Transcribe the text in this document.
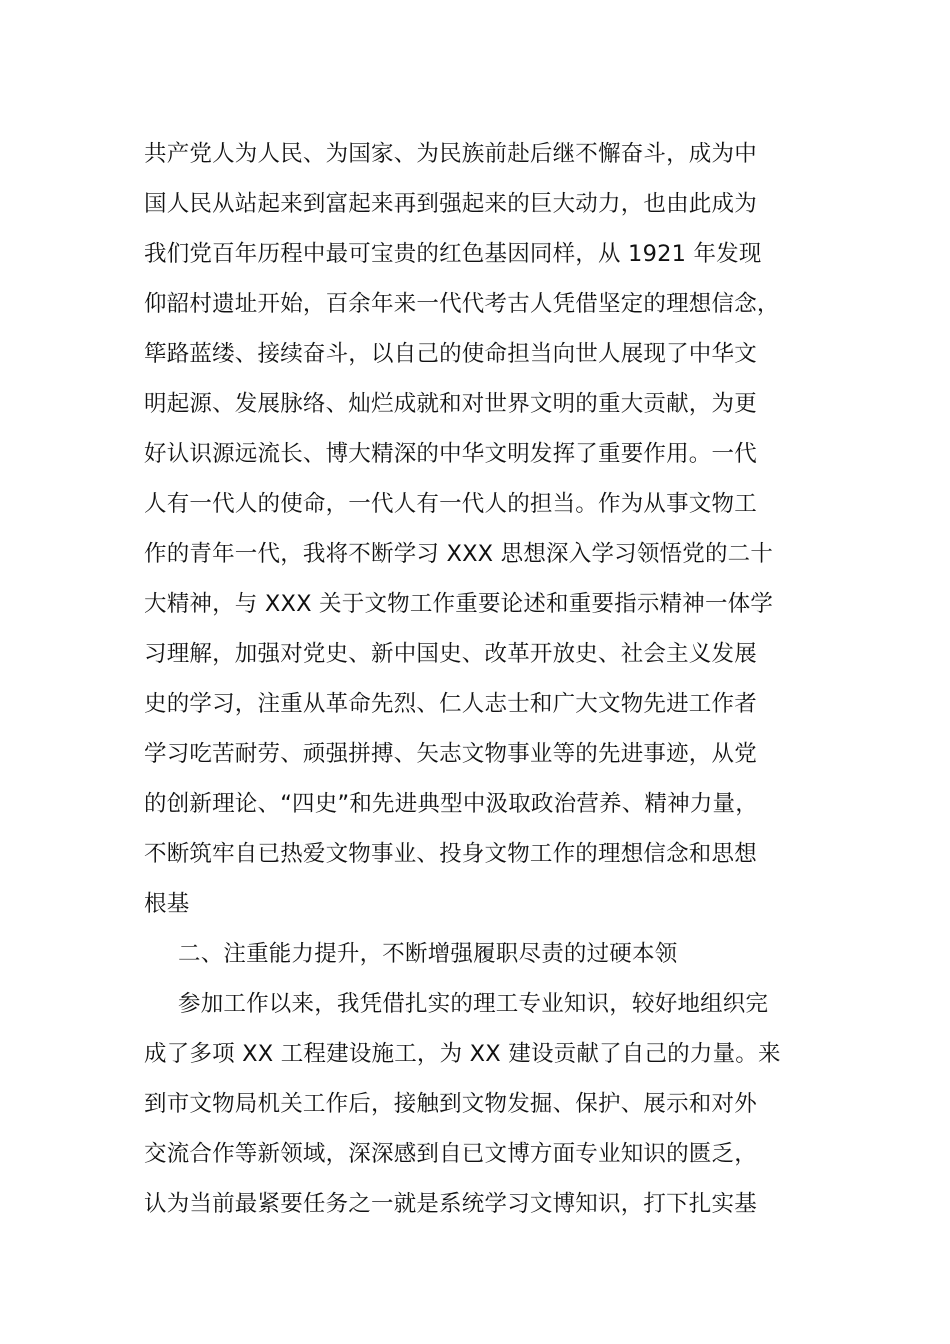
共产党人为人民、为国家、为民族前赴后继不懈奋斗，成为中
国人民从站起来到富起来再到强起来的巨大动力，也由此成为
我们党百年历程中最可宝贵的红色基因同样，从 1921 年发现
仰韶村遗址开始，百余年来一代代考古人凭借坚定的理想信念，
筚路蓝缕、接续奋斗，以自己的使命担当向世人展现了中华文
明起源、发展脉络、灿烂成就和对世界文明的重大贡献，为更
好认识源远流长、博大精深的中华文明发挥了重要作用。一代
人有一代人的使命，一代人有一代人的担当。作为从事文物工
作的青年一代，我将不断学习 XXX 思想深入学习领悟党的二十
大精神，与 XXX 关于文物工作重要论述和重要指示精神一体学
习理解，加强对党史、新中国史、改革开放史、社会主义发展
史的学习，注重从革命先烈、仁人志士和广大文物先进工作者
学习吃苦耐劳、顽强拼搏、矢志文物事业等的先进事迹，从党
的创新理论、“四史”和先进典型中汲取政治营养、精神力量，
不断筑牢自已热爱文物事业、投身文物工作的理想信念和思想
根基
二、注重能力提升，不断增强履职尽责的过硬本领
参加工作以来，我凭借扎实的理工专业知识，较好地组织完
成了多项 XX 工程建设施工，为 XX 建设贡献了自己的力量。来
到市文物局机关工作后，接触到文物发掘、保护、展示和对外
交流合作等新领域，深深感到自已文博方面专业知识的匮乏，
认为当前最紧要任务之一就是系统学习文博知识，打下扎实基
